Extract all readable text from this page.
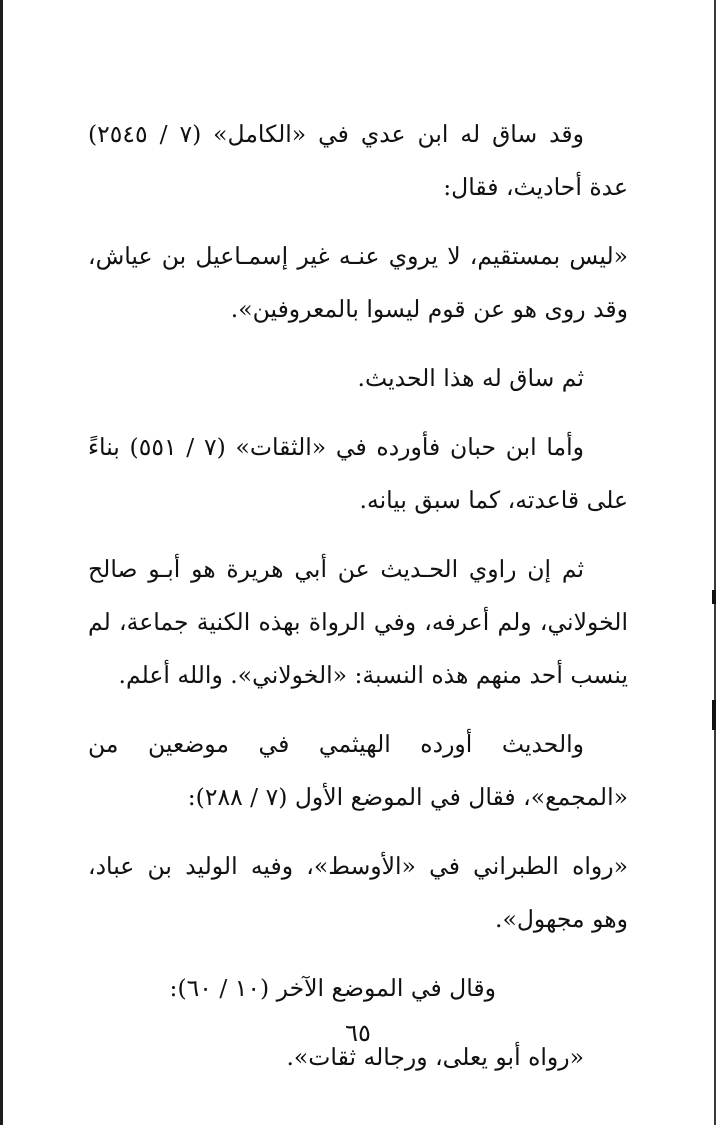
وقد ساق له ابن عدي في «الكامل» (٧ / ٢٥٤٥) عدة أحاديث، فقال:

«ليس بمستقيم، لا يروي عنـه غير إسمـاعيل بن عياش، وقد روى هو عن قوم ليسوا بالمعروفين».

ثم ساق له هذا الحديث.

وأما ابن حبان فأورده في «الثقات» (٧ / ٥٥١) بناءً على قاعدته، كما سبق بيانه.

ثم إن راوي الحـديث عن أبي هريرة هو أبـو صالح الخولاني، ولم أعرفه، وفي الرواة بهذه الكنية جماعة، لم ينسب أحد منهم هذه النسبة: «الخولاني». والله أعلم.

والحديث أورده الهيثمي في موضعين من «المجمع»، فقال في الموضع الأول (٧ / ٢٨٨):

«رواه الطبراني في «الأوسط»، وفيه الوليد بن عباد، وهو مجهول».

وقال في الموضع الآخر (١٠ / ٦٠):

«رواه أبو يعلى، ورجاله ثقات».

٦٥
